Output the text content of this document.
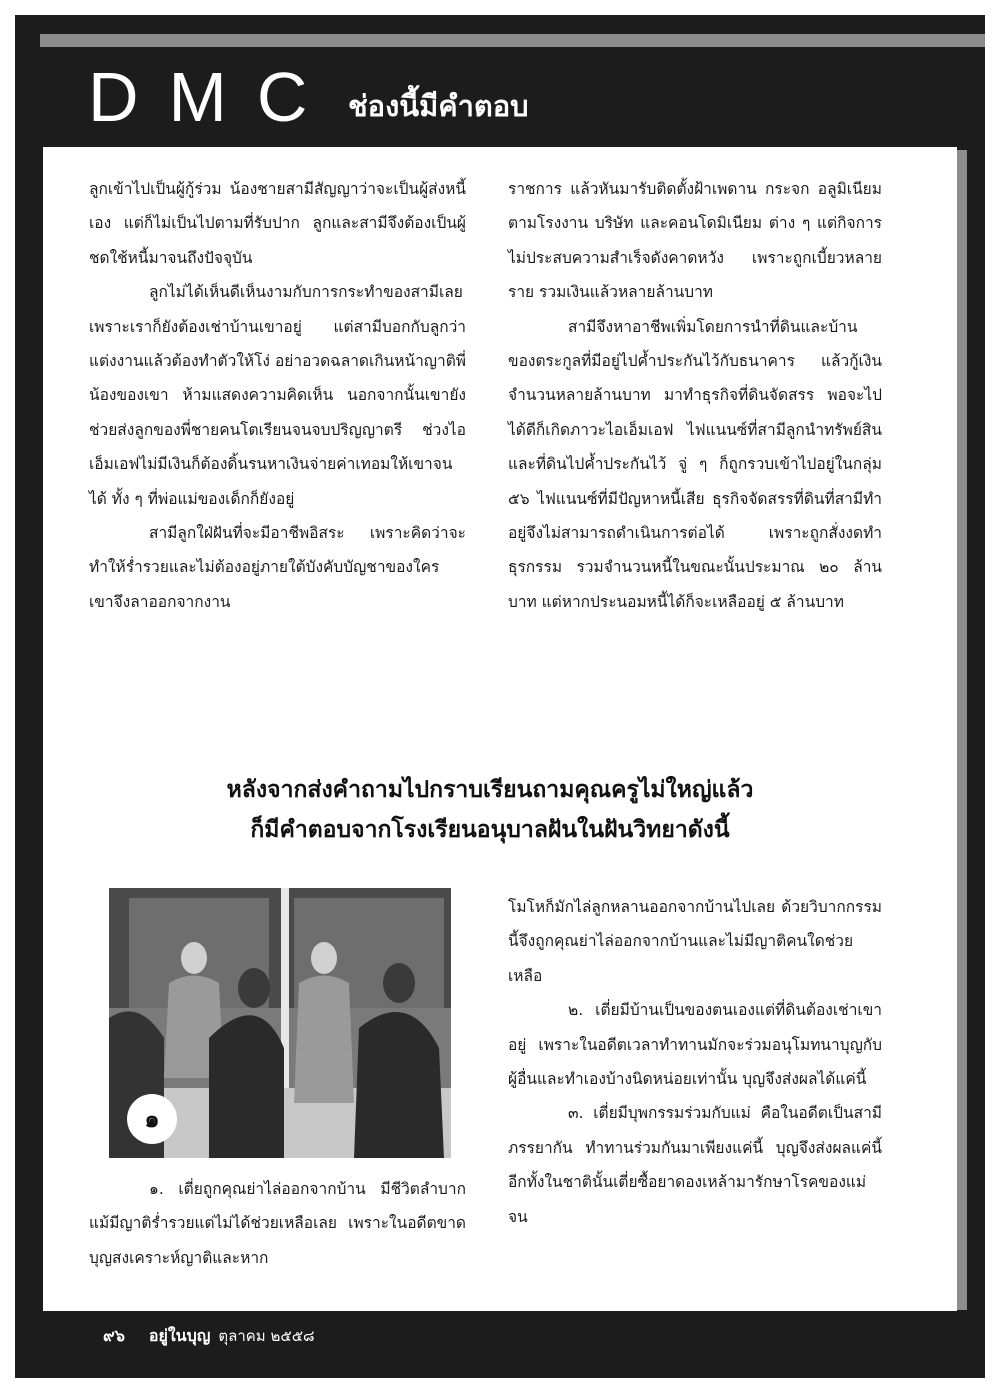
DMC ช่องนี้มีคำตอบ

ลูกเข้าไปเป็นผู้กู้ร่วม น้องชายสามีสัญญาว่าจะเป็นผู้ส่งหนี้เอง แต่ก็ไม่เป็นไปตามที่รับปาก ลูกและสามีจึงต้องเป็นผู้ชดใช้หนี้มาจนถึงปัจจุบัน

ลูกไม่ได้เห็นดีเห็นงามกับการกระทำของสามีเลย เพราะเราก็ยังต้องเช่าบ้านเขาอยู่ แต่สามีบอกกับลูกว่า แต่งงานแล้วต้องทำตัวให้โง่ อย่าอวดฉลาดเกินหน้าญาติพี่น้องของเขา ห้ามแสดงความคิดเห็น นอกจากนั้นเขายังช่วยส่งลูกของพี่ชายคนโตเรียนจนจบปริญญาตรี ช่วงไอเอ็มเอฟไม่มีเงินก็ต้องดิ้นรนหาเงินจ่ายค่าเทอมให้เขาจนได้ ทั้ง ๆ ที่พ่อแม่ของเด็กก็ยังอยู่

สามีลูกใฝ่ฝันที่จะมีอาชีพอิสระ เพราะคิดว่าจะทำให้ร่ำรวยและไม่ต้องอยู่ภายใต้บังคับบัญชาของใคร เขาจึงลาออกจากงาน

ราชการ แล้วหันมารับติดตั้งฝ้าเพดาน กระจก อลูมิเนียม ตามโรงงาน บริษัท และคอนโดมิเนียม ต่าง ๆ แต่กิจการไม่ประสบความสำเร็จดังคาดหวัง เพราะถูกเบี้ยวหลายราย รวมเงินแล้วหลายล้านบาท

สามีจึงหาอาชีพเพิ่มโดยการนำที่ดินและบ้านของตระกูลที่มีอยู่ไปค้ำประกันไว้กับธนาคาร แล้วกู้เงินจำนวนหลายล้านบาท มาทำธุรกิจที่ดินจัดสรร พอจะไปได้ดีก็เกิดภาวะไอเอ็มเอฟ ไฟแนนซ์ที่สามีลูกนำทรัพย์สินและที่ดินไปค้ำประกันไว้ จู่ ๆ ก็ถูกรวบเข้าไปอยู่ในกลุ่ม ๕๖ ไฟแนนซ์ที่มีปัญหาหนี้เสีย ธุรกิจจัดสรรที่ดินที่สามีทำอยู่จึงไม่สามารถดำเนินการต่อได้ เพราะถูกสั่งงดทำธุรกรรม รวมจำนวนหนี้ในขณะนั้นประมาณ ๒๐ ล้านบาท แต่หากประนอมหนี้ได้ก็จะเหลืออยู่ ๕ ล้านบาท

หลังจากส่งคำถามไปกราบเรียนถามคุณครูไม่ใหญ่แล้ว
ก็มีคำตอบจากโรงเรียนอนุบาลฝันในฝันวิทยาดังนี้
๑

โมโหก็มักไล่ลูกหลานออกจากบ้านไปเลย ด้วยวิบากกรรมนี้จึงถูกคุณย่าไล่ออกจากบ้านและไม่มีญาติคนใดช่วยเหลือ

๒. เตี่ยมีบ้านเป็นของตนเองแต่ที่ดินต้องเช่าเขาอยู่ เพราะในอดีตเวลาทำทานมักจะร่วมอนุโมทนาบุญกับผู้อื่นและทำเองบ้างนิดหน่อยเท่านั้น บุญจึงส่งผลได้แค่นี้

๓. เตี่ยมีบุพกรรมร่วมกับแม่ คือในอดีตเป็นสามีภรรยากัน ทำทานร่วมกันมาเพียงแค่นี้ บุญจึงส่งผลแค่นี้ อีกทั้งในชาตินั้นเตี่ยซื้อยาดองเหล้ามารักษาโรคของแม่ จน

๑. เตี่ยถูกคุณย่าไล่ออกจากบ้าน มีชีวิตลำบาก แม้มีญาติร่ำรวยแต่ไม่ได้ช่วยเหลือเลย เพราะในอดีตขาดบุญสงเคราะห์ญาติและหาก

๙๖	อยู่ในบุญ ตุลาคม ๒๕๕๘
